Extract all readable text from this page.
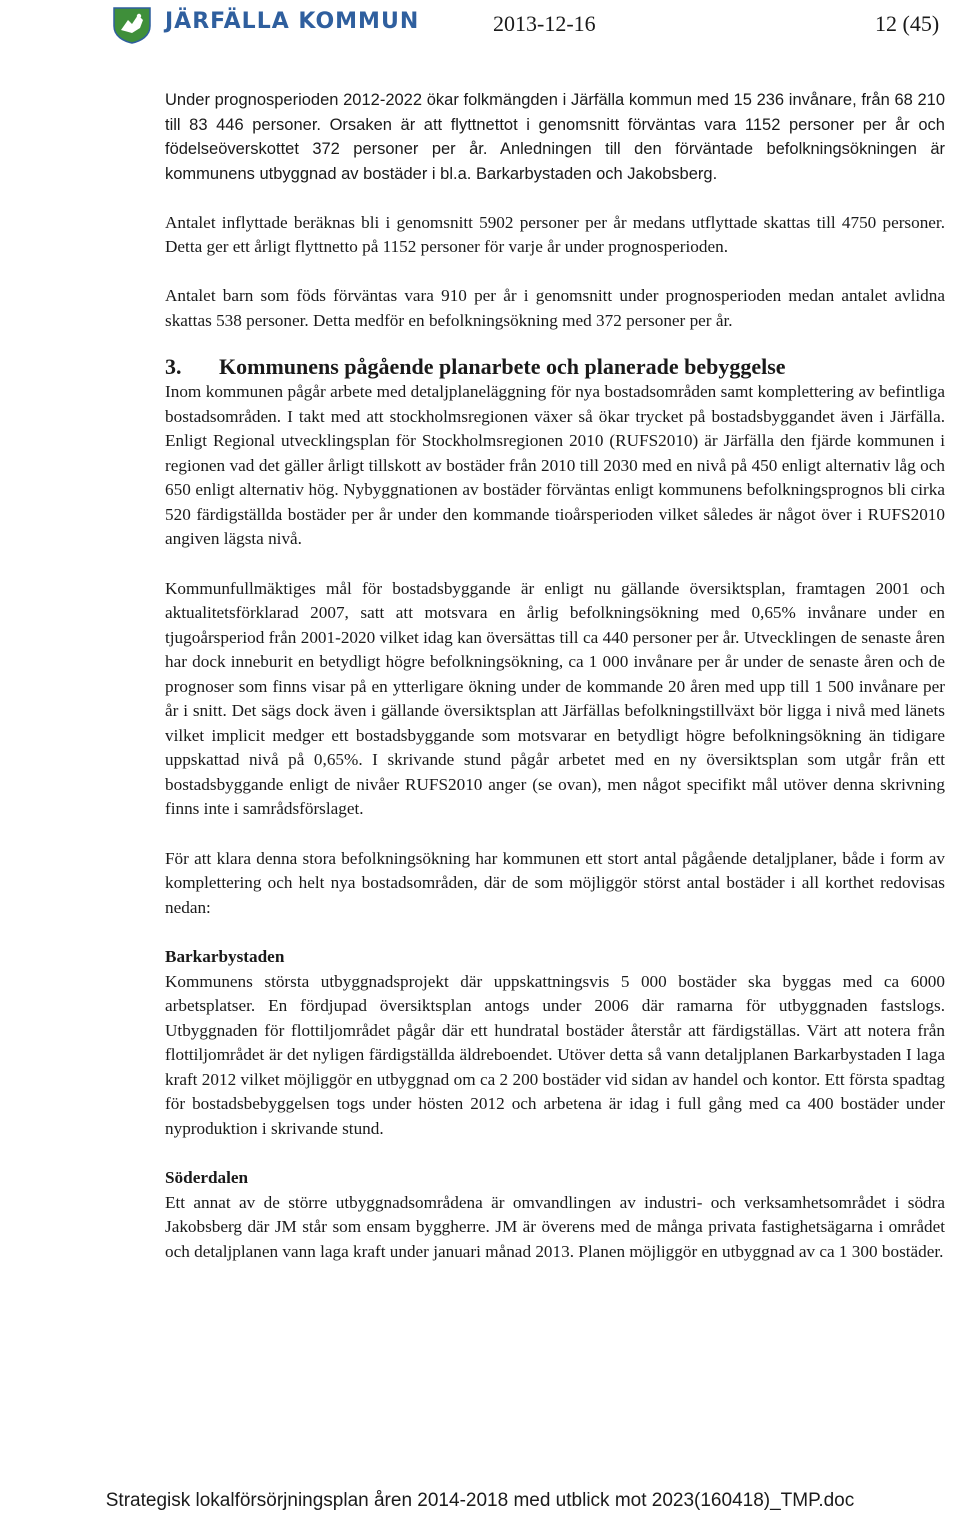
JÄRFÄLLA KOMMUN	2013-12-16	12 (45)

Under prognosperioden 2012-2022 ökar folkmängden i Järfälla kommun med 15 236 invånare, från 68 210 till 83 446 personer. Orsaken är att flyttnettot i genomsnitt förväntas vara 1152 personer per år och födelseöverskottet 372 personer per år. Anledningen till den förväntade befolkningsökningen är kommunens utbyggnad av bostäder i bl.a. Barkarbystaden och Jakobsberg.

Antalet inflyttade beräknas bli i genomsnitt 5902 personer per år medans utflyttade skattas till 4750 personer. Detta ger ett årligt flyttnetto på 1152 personer för varje år under prognosperioden.

Antalet barn som föds förväntas vara 910 per år i genomsnitt under prognosperioden medan antalet avlidna skattas 538 personer. Detta medför en befolkningsökning med 372 personer per år.

3. Kommunens pågående planarbete och planerade bebyggelse

Inom kommunen pågår arbete med detaljplaneläggning för nya bostadsområden samt komplettering av befintliga bostadsområden. I takt med att stockholmsregionen växer så ökar trycket på bostadsbyggandet även i Järfälla. Enligt Regional utvecklingsplan för Stockholmsregionen 2010 (RUFS2010) är Järfälla den fjärde kommunen i regionen vad det gäller årligt tillskott av bostäder från 2010 till 2030 med en nivå på 450 enligt alternativ låg och 650 enligt alternativ hög. Nybyggnationen av bostäder förväntas enligt kommunens befolkningsprognos bli cirka 520 färdigställda bostäder per år under den kommande tioårsperioden vilket således är något över i RUFS2010 angiven lägsta nivå.

Kommunfullmäktiges mål för bostadsbyggande är enligt nu gällande översiktsplan, framtagen 2001 och aktualitetsförklarad 2007, satt att motsvara en årlig befolkningsökning med 0,65% invånare under en tjugoårsperiod från 2001-2020 vilket idag kan översättas till ca 440 personer per år. Utvecklingen de senaste åren har dock inneburit en betydligt högre befolkningsökning, ca 1 000 invånare per år under de senaste åren och de prognoser som finns visar på en ytterligare ökning under de kommande 20 åren med upp till 1 500 invånare per år i snitt. Det sägs dock även i gällande översiktsplan att Järfällas befolkningstillväxt bör ligga i nivå med länets vilket implicit medger ett bostadsbyggande som motsvarar en betydligt högre befolkningsökning än tidigare uppskattad nivå på 0,65%. I skrivande stund pågår arbetet med en ny översiktsplan som utgår från ett bostadsbyggande enligt de nivåer RUFS2010 anger (se ovan), men något specifikt mål utöver denna skrivning finns inte i samrådsförslaget.

För att klara denna stora befolkningsökning har kommunen ett stort antal pågående detaljplaner, både i form av komplettering och helt nya bostadsområden, där de som möjliggör störst antal bostäder i all korthet redovisas nedan:

Barkarbystaden

Kommunens största utbyggnadsprojekt där uppskattningsvis 5 000 bostäder ska byggas med ca 6000 arbetsplatser. En fördjupad översiktsplan antogs under 2006 där ramarna för utbyggnaden fastslogs. Utbyggnaden för flottiljområdet pågår där ett hundratal bostäder återstår att färdigställas. Värt att notera från flottiljområdet är det nyligen färdigställda äldreboendet. Utöver detta så vann detaljplanen Barkarbystaden I laga kraft 2012 vilket möjliggör en utbyggnad om ca 2 200 bostäder vid sidan av handel och kontor. Ett första spadtag för bostadsbebyggelsen togs under hösten 2012 och arbetena är idag i full gång med ca 400 bostäder under nyproduktion i skrivande stund.

Söderdalen

Ett annat av de större utbyggnadsområdena är omvandlingen av industri- och verksamhetsområdet i södra Jakobsberg där JM står som ensam byggherre. JM är överens med de många privata fastighetsägarna i området och detaljplanen vann laga kraft under januari månad 2013. Planen möjliggör en utbyggnad av ca 1 300 bostäder.

Strategisk lokalförsörjningsplan åren 2014-2018 med utblick mot 2023(160418)_TMP.doc
